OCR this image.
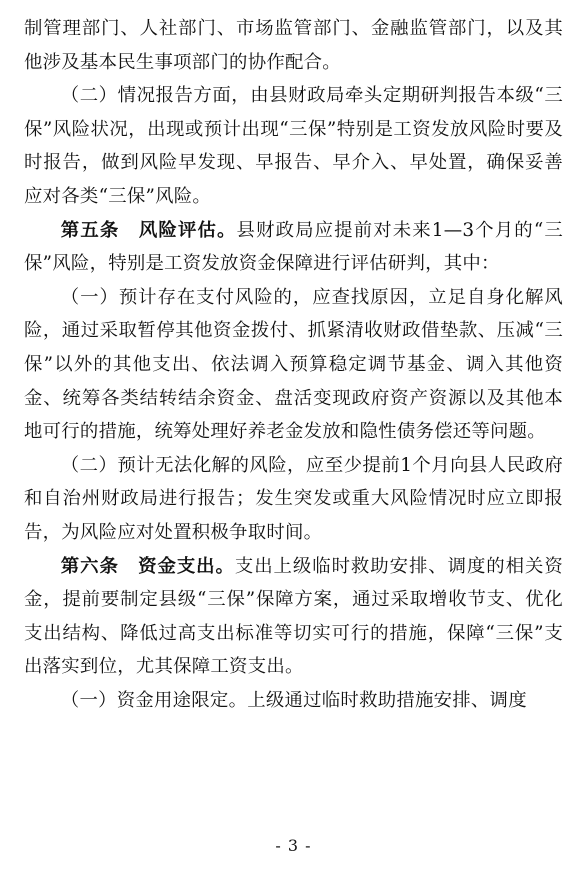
制管理部门、人社部门、市场监管部门、金融监管部门，以及其他涉及基本民生事项部门的协作配合。

（二）情况报告方面，由县财政局牵头定期研判报告本级“三保”风险状况，出现或预计出现“三保”特别是工资发放风险时要及时报告，做到风险早发现、早报告、早介入、早处置，确保妥善应对各类“三保”风险。

第五条　风险评估。县财政局应提前对未来1—3个月的“三保”风险，特别是工资发放资金保障进行评估研判，其中：

（一）预计存在支付风险的，应查找原因，立足自身化解风险，通过采取暂停其他资金拨付、抓紧清收财政借垫款、压减“三保”以外的其他支出、依法调入预算稳定调节基金、调入其他资金、统筹各类结转结余资金、盘活变现政府资产资源以及其他本地可行的措施，统筹处理好养老金发放和隐性债务偿还等问题。

（二）预计无法化解的风险，应至少提前1个月向县人民政府和自治州财政局进行报告；发生突发或重大风险情况时应立即报告，为风险应对处置积极争取时间。

第六条　资金支出。支出上级临时救助安排、调度的相关资金，提前要制定县级“三保”保障方案，通过采取增收节支、优化支出结构、降低过高支出标准等切实可行的措施，保障“三保”支出落实到位，尤其保障工资支出。

（一）资金用途限定。上级通过临时救助措施安排、调度

- 3 -
